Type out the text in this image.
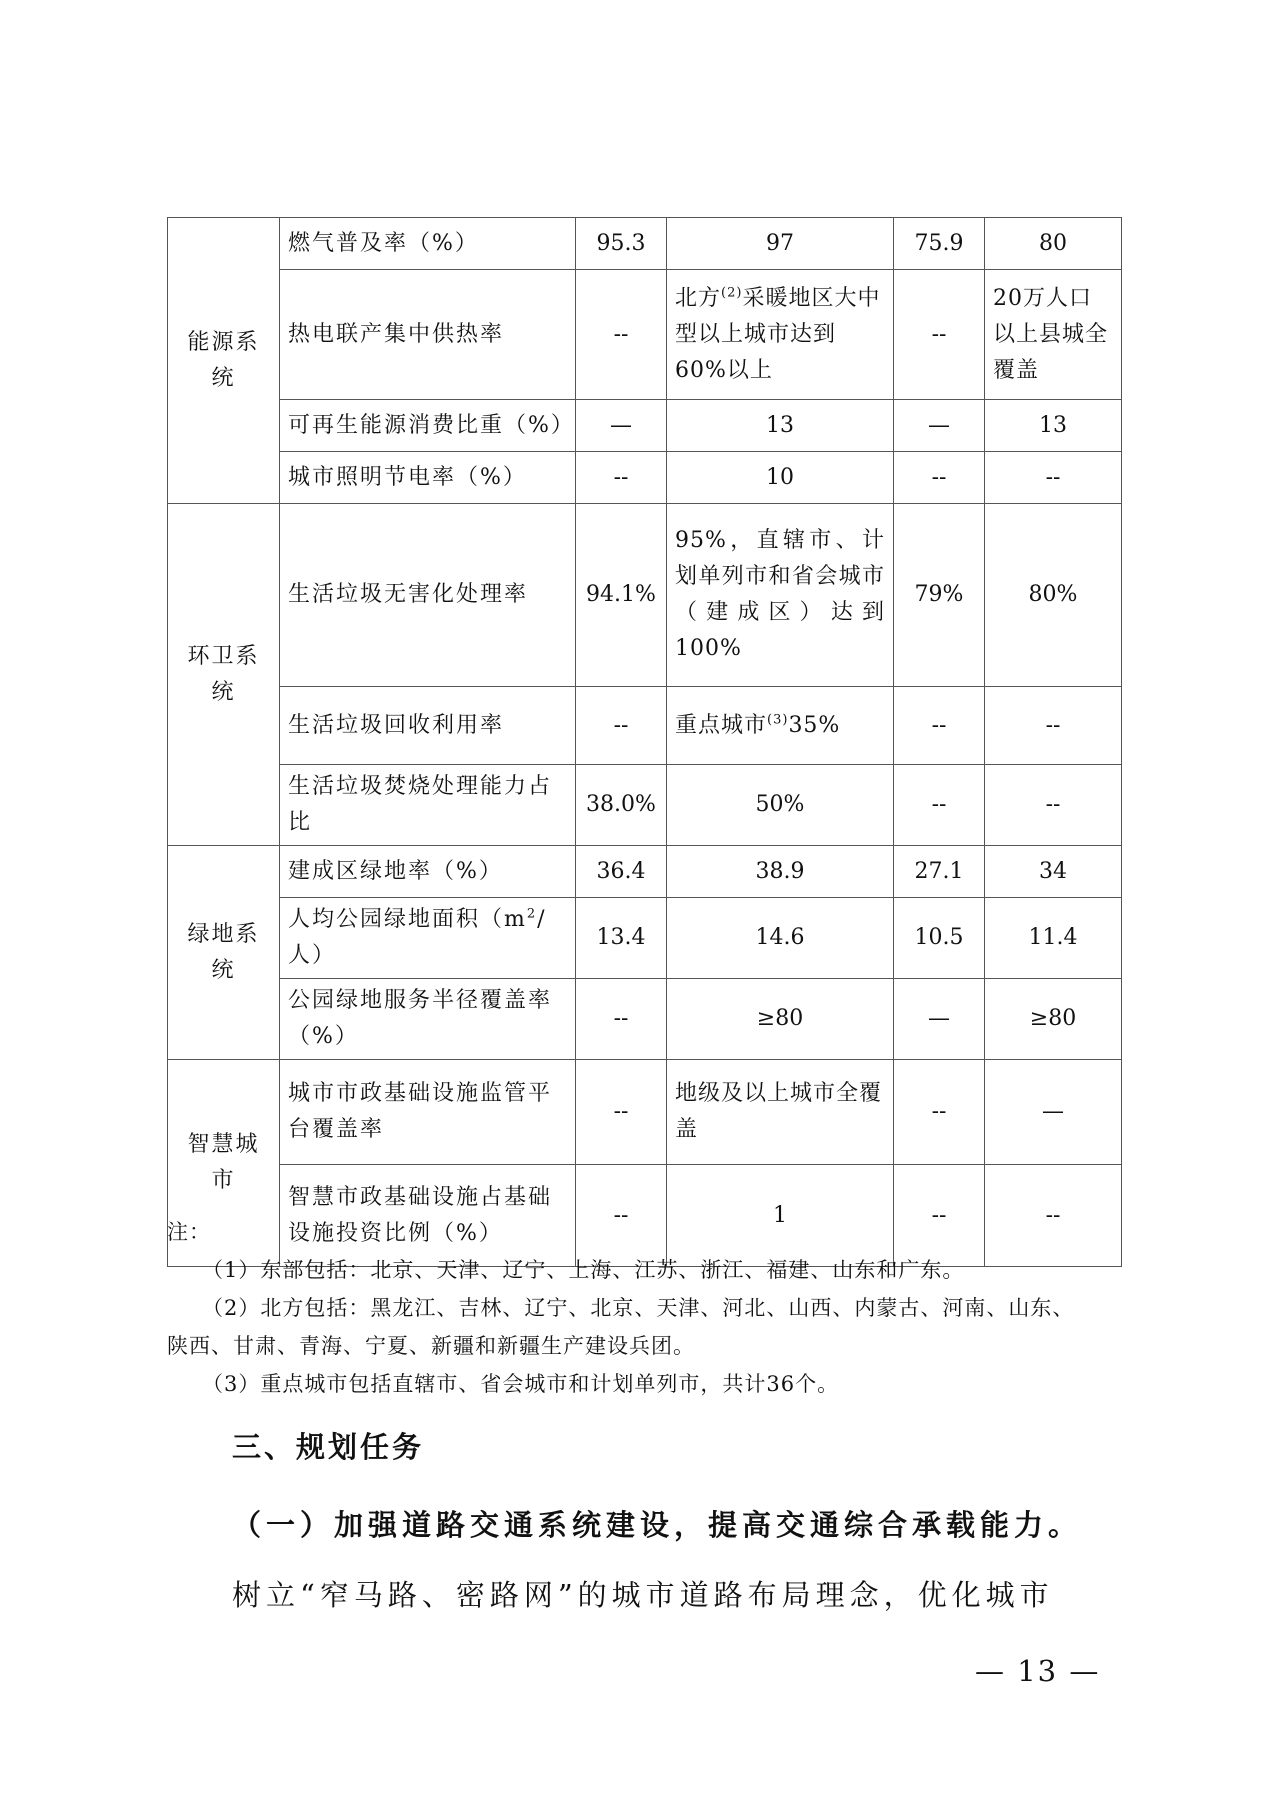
能源系统	燃气普及率（%）	95.3	97	75.9	80
	热电联产集中供热率	--	北方$^{(2)}$采暖地区大中型以上城市达到60%以上	--	20万人口以上县城全覆盖
	可再生能源消费比重（%）	—	13	—	13
	城市照明节电率（%）	--	10	--	--
环卫系统	生活垃圾无害化处理率	94.1%	95%，直辖市、计划单列市和省会城市（建成区）达到100%	79%	80%
	生活垃圾回收利用率	--	重点城市$^{(3)}$35%	--	--
	生活垃圾焚烧处理能力占比	38.0%	50%	--	--
绿地系统	建成区绿地率（%）	36.4	38.9	27.1	34
	人均公园绿地面积（$m^2/$人）	13.4	14.6	10.5	11.4
	公园绿地服务半径覆盖率（%）	--	≥80	—	≥80
智慧城市	城市市政基础设施监管平台覆盖率	--	地级及以上城市全覆盖	--	—
	智慧市政基础设施占基础设施投资比例（%）	--	1	--	--

注：

（1）东部包括：北京、天津、辽宁、上海、江苏、浙江、福建、山东和广东。

（2）北方包括：黑龙江、吉林、辽宁、北京、天津、河北、山西、内蒙古、河南、山东、

陕西、甘肃、青海、宁夏、新疆和新疆生产建设兵团。

（3）重点城市包括直辖市、省会城市和计划单列市，共计36个。

三、规划任务
（一）加强道路交通系统建设，提高交通综合承载能力。
树立“窄马路、密路网”的城市道路布局理念，优化城市
— 13 —
